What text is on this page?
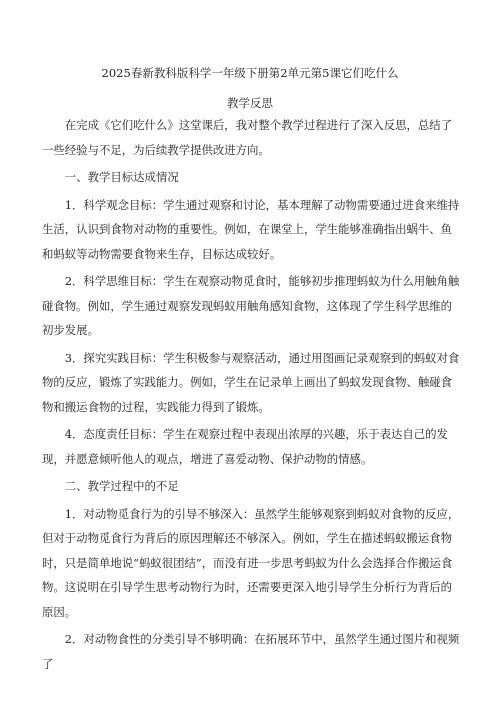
2025春新教科版科学一年级下册第2单元第5课它们吃什么
教学反思

在完成《它们吃什么》这堂课后，我对整个教学过程进行了深入反思，总结了一些经验与不足，为后续教学提供改进方向。

一、教学目标达成情况

1．科学观念目标：学生通过观察和讨论，基本理解了动物需要通过进食来维持生活，认识到食物对动物的重要性。例如，在课堂上，学生能够准确指出蜗牛、鱼和蚂蚁等动物需要食物来生存，目标达成较好。

2．科学思维目标：学生在观察动物觅食时，能够初步推理蚂蚁为什么用触角触碰食物。例如，学生通过观察发现蚂蚁用触角感知食物，这体现了学生科学思维的初步发展。

3．探究实践目标：学生积极参与观察活动，通过用图画记录观察到的蚂蚁对食物的反应，锻炼了实践能力。例如，学生在记录单上画出了蚂蚁发现食物、触碰食物和搬运食物的过程，实践能力得到了锻炼。

4．态度责任目标：学生在观察过程中表现出浓厚的兴趣，乐于表达自己的发现，并愿意倾听他人的观点，增进了喜爱动物、保护动物的情感。

二、教学过程中的不足

1．对动物觅食行为的引导不够深入：虽然学生能够观察到蚂蚁对食物的反应，但对于动物觅食行为背后的原因理解还不够深入。例如，学生在描述蚂蚁搬运食物时，只是简单地说“蚂蚁很团结”，而没有进一步思考蚂蚁为什么会选择合作搬运食物。这说明在引导学生思考动物行为时，还需要更深入地引导学生分析行为背后的原因。

2．对动物食性的分类引导不够明确：在拓展环节中，虽然学生通过图片和视频了
